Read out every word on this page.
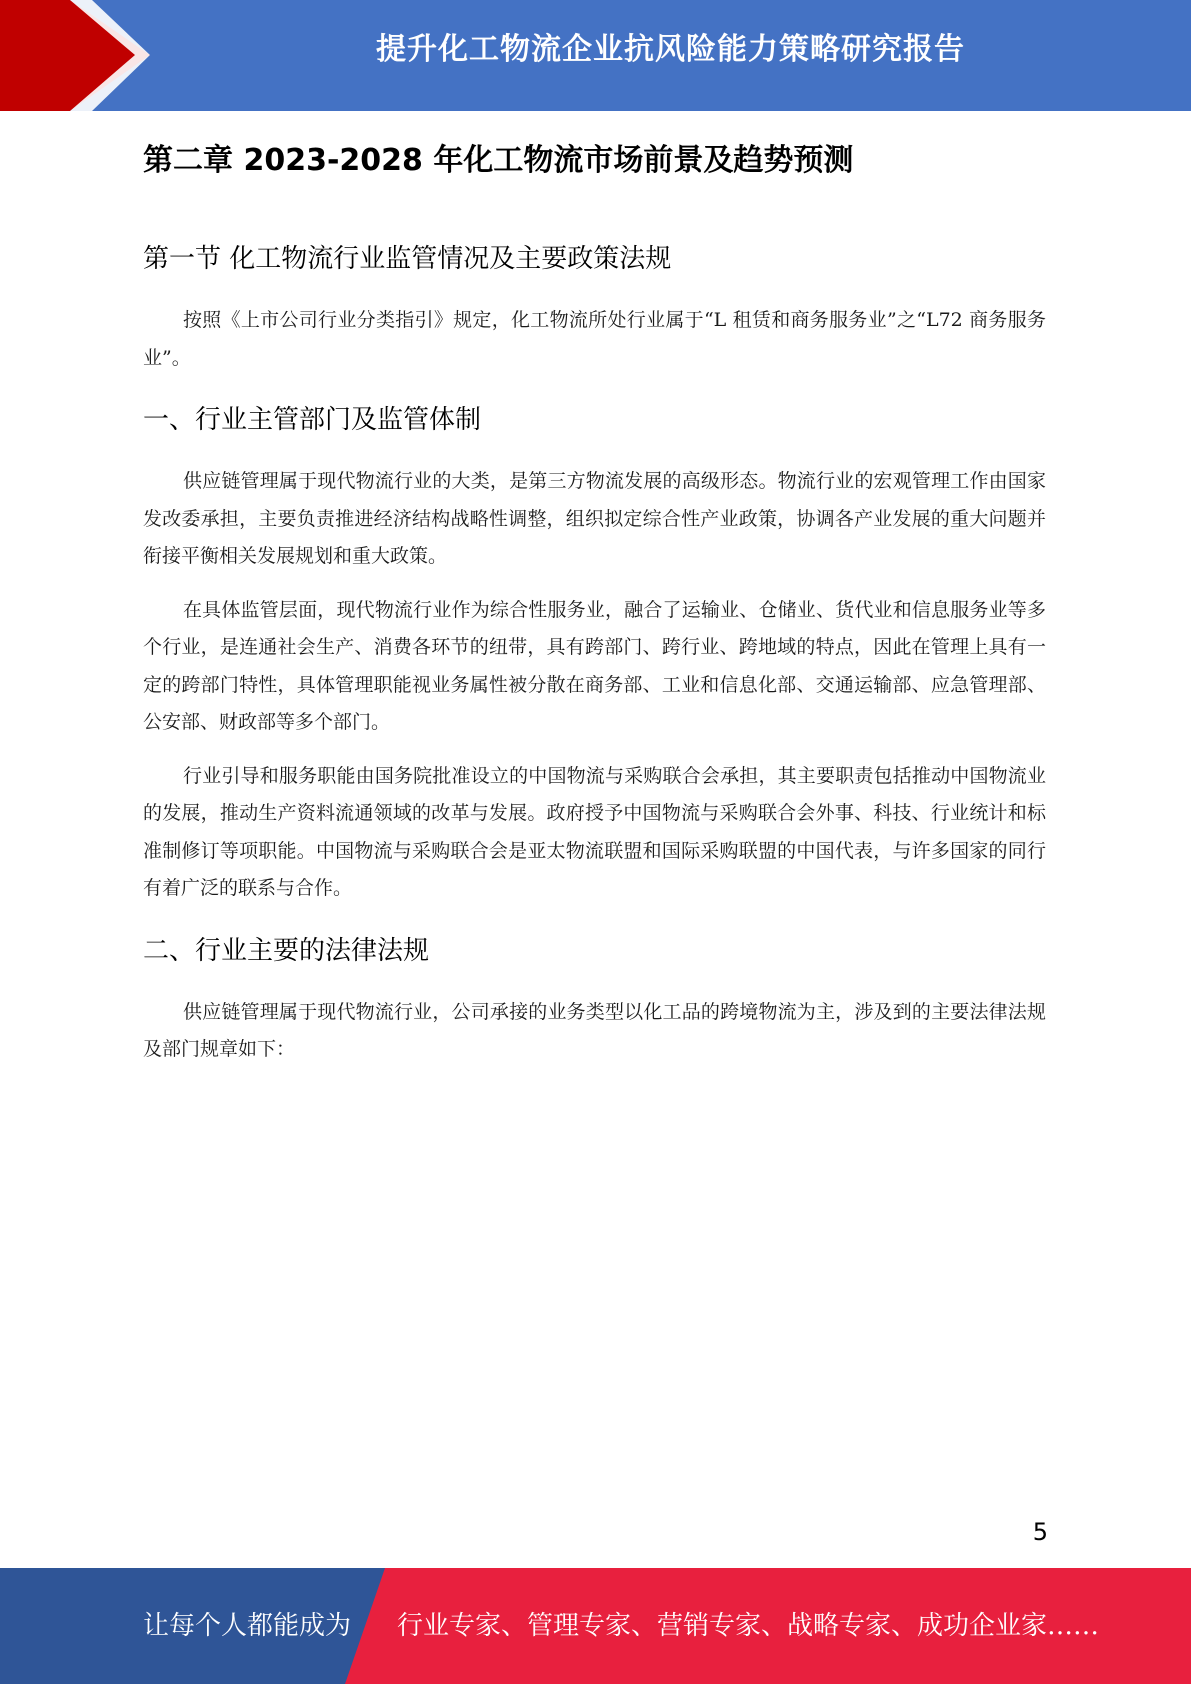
提升化工物流企业抗风险能力策略研究报告
第二章 2023-2028 年化工物流市场前景及趋势预测
第一节 化工物流行业监管情况及主要政策法规

按照《上市公司行业分类指引》规定，化工物流所处行业属于“L 租赁和商务服务业”之“L72 商务服务业”。

一、行业主管部门及监管体制

供应链管理属于现代物流行业的大类，是第三方物流发展的高级形态。物流行业的宏观管理工作由国家发改委承担，主要负责推进经济结构战略性调整，组织拟定综合性产业政策，协调各产业发展的重大问题并衔接平衡相关发展规划和重大政策。

在具体监管层面，现代物流行业作为综合性服务业，融合了运输业、仓储业、货代业和信息服务业等多个行业，是连通社会生产、消费各环节的纽带，具有跨部门、跨行业、跨地域的特点，因此在管理上具有一定的跨部门特性，具体管理职能视业务属性被分散在商务部、工业和信息化部、交通运输部、应急管理部、公安部、财政部等多个部门。

行业引导和服务职能由国务院批准设立的中国物流与采购联合会承担，其主要职责包括推动中国物流业的发展，推动生产资料流通领域的改革与发展。政府授予中国物流与采购联合会外事、科技、行业统计和标准制修订等项职能。中国物流与采购联合会是亚太物流联盟和国际采购联盟的中国代表，与许多国家的同行有着广泛的联系与合作。

二、行业主要的法律法规

供应链管理属于现代物流行业，公司承接的业务类型以化工品的跨境物流为主，涉及到的主要法律法规及部门规章如下：

5
让每个人都能成为 行业专家、管理专家、营销专家、战略专家、成功企业家……
